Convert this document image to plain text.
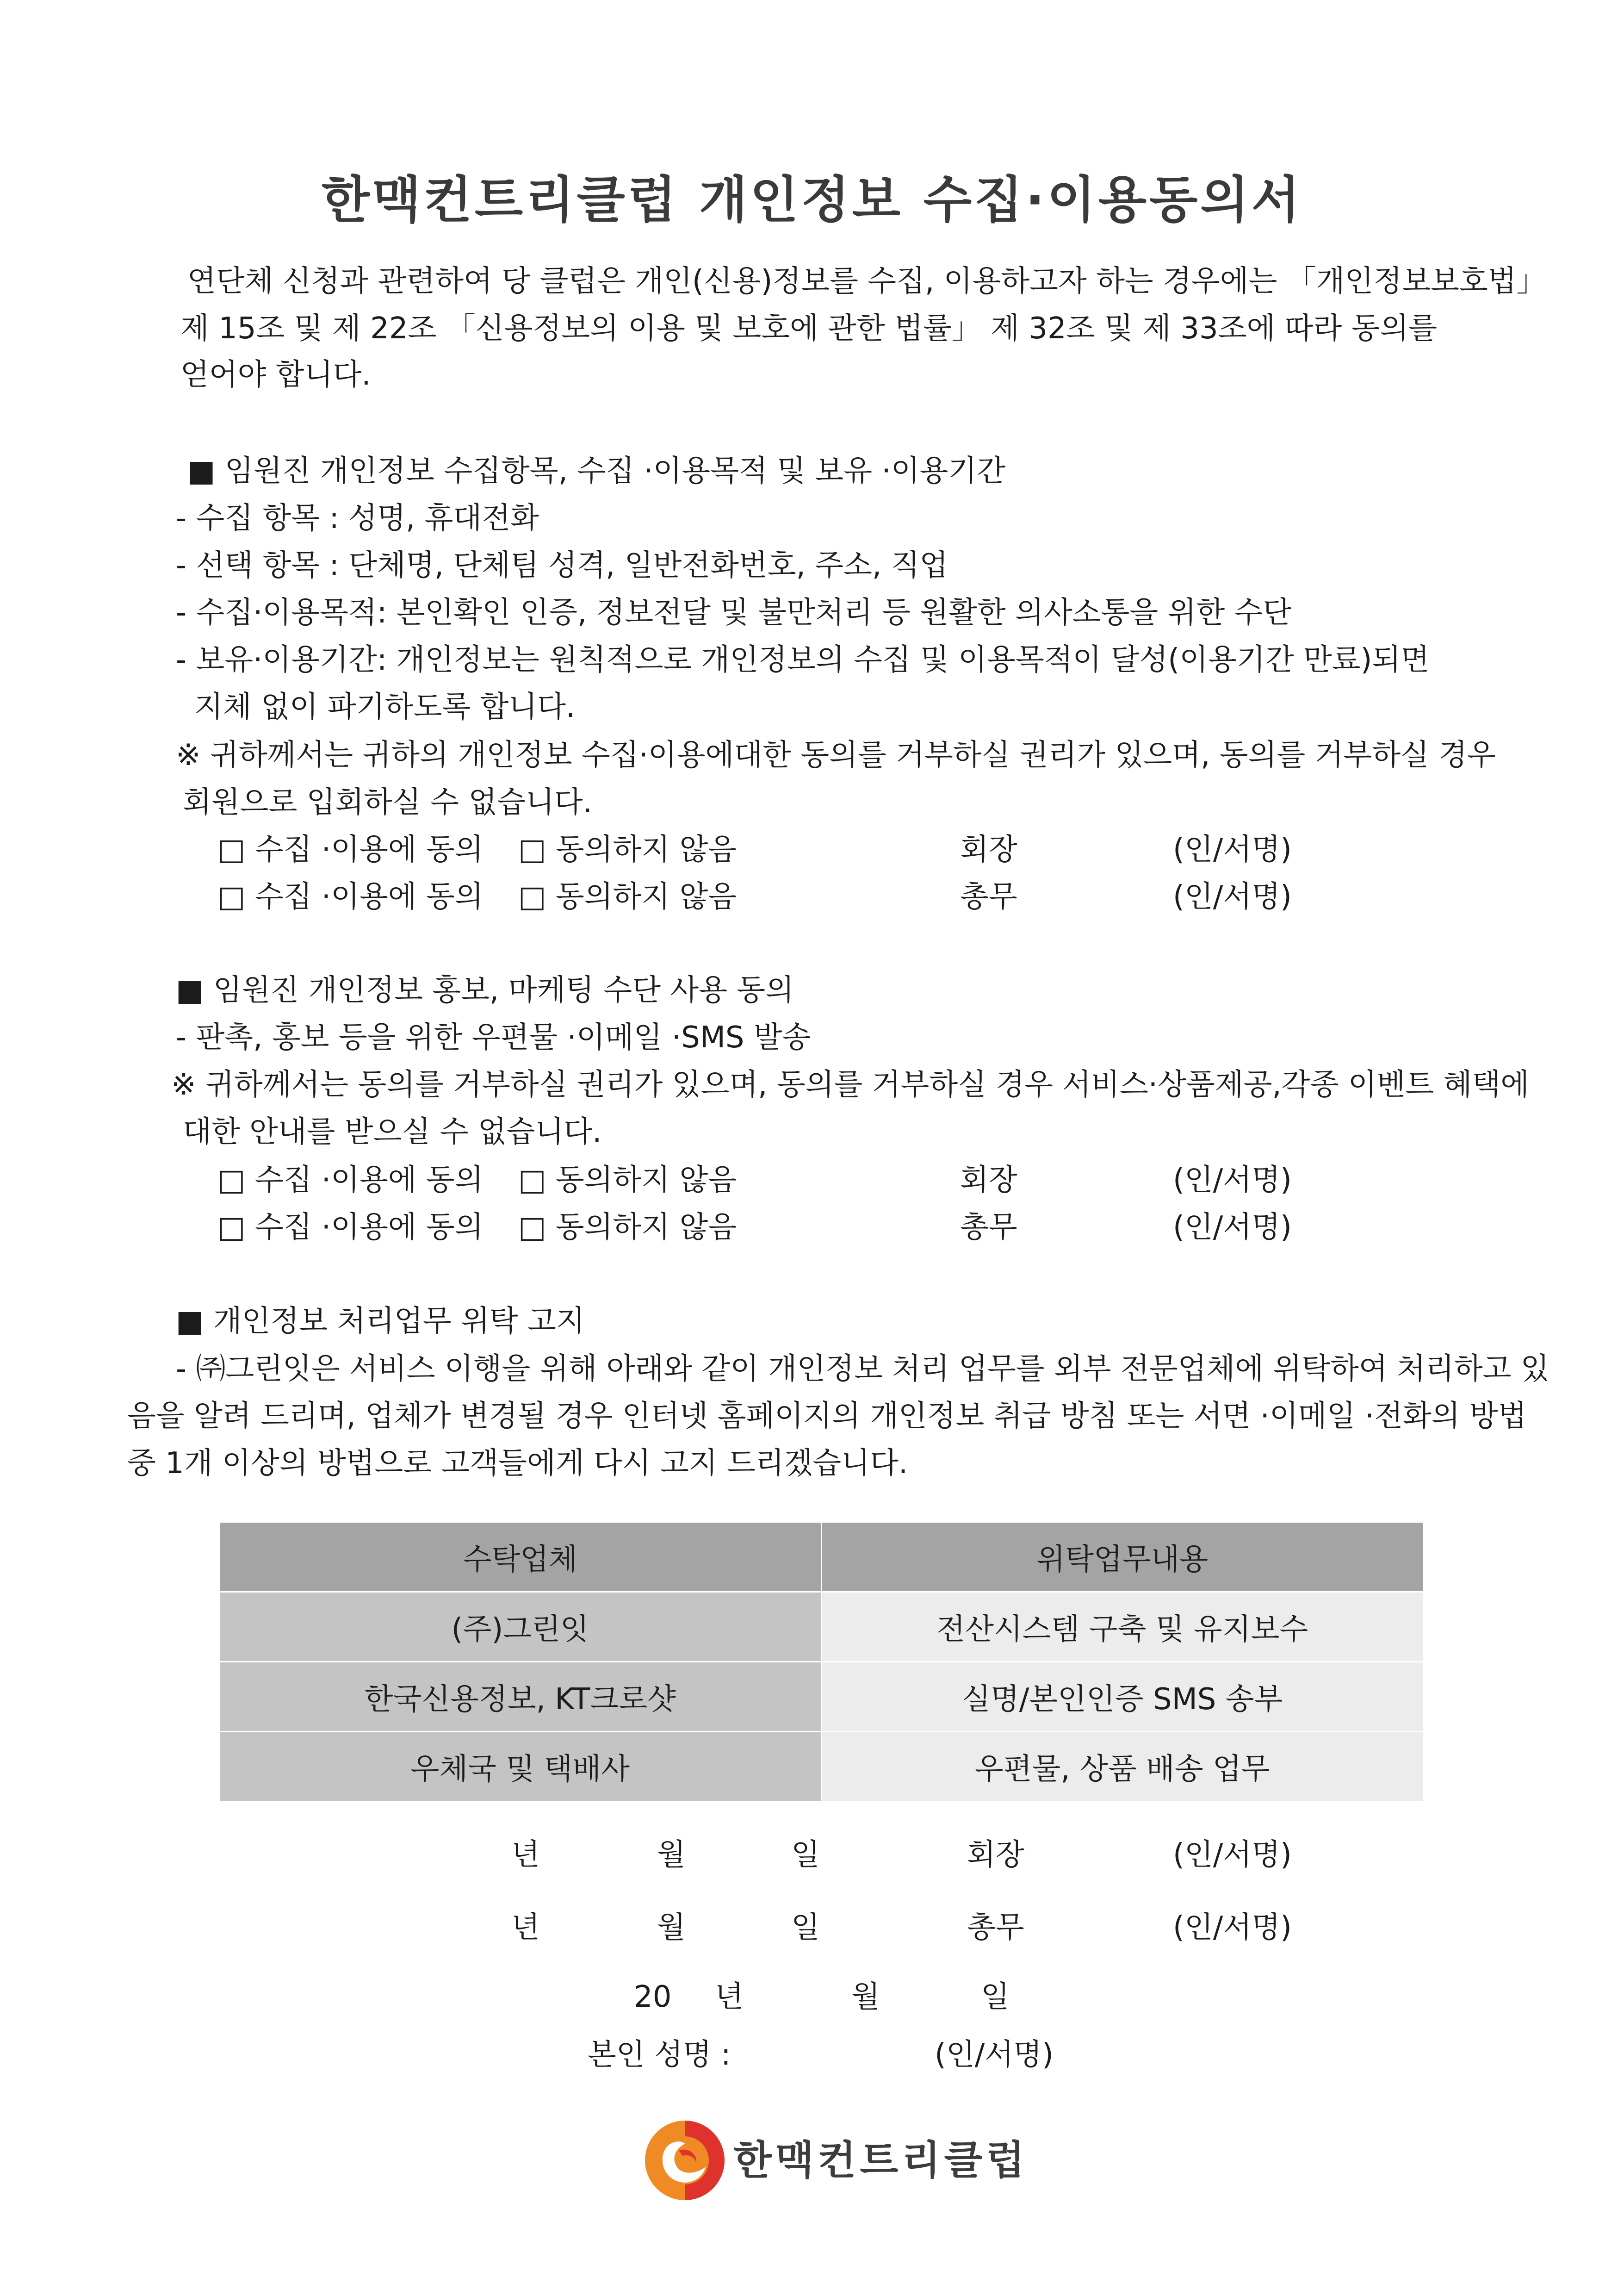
한맥컨트리클럽 개인정보 수집·이용동의서
연단체 신청과 관련하여 당 클럽은 개인(신용)정보를 수집, 이용하고자 하는 경우에는 「개인정보보호법」
제 15조 및 제 22조 「신용정보의 이용 및 보호에 관한 법률」 제 32조 및 제 33조에 따라 동의를
얻어야 합니다.
■ 임원진 개인정보 수집항목, 수집 ·이용목적 및 보유 ·이용기간
- 수집 항목 : 성명, 휴대전화
- 선택 항목 : 단체명, 단체팀 성격, 일반전화번호, 주소, 직업
- 수집·이용목적: 본인확인 인증, 정보전달 및 불만처리 등 원활한 의사소통을 위한 수단
- 보유·이용기간: 개인정보는 원칙적으로 개인정보의 수집 및 이용목적이 달성(이용기간 만료)되면
지체 없이 파기하도록 합니다.
※ 귀하께서는 귀하의 개인정보 수집·이용에대한 동의를 거부하실 권리가 있으며, 동의를 거부하실 경우
회원으로 입회하실 수 없습니다.
□ 수집 ·이용에 동의 □ 동의하지 않음	회장	(인/서명)
□ 수집 ·이용에 동의 □ 동의하지 않음	총무	(인/서명)
■ 임원진 개인정보 홍보, 마케팅 수단 사용 동의
- 판촉, 홍보 등을 위한 우편물 ·이메일 ·SMS 발송
※ 귀하께서는 동의를 거부하실 권리가 있으며, 동의를 거부하실 경우 서비스·상품제공,각종 이벤트 혜택에
대한 안내를 받으실 수 없습니다.
□ 수집 ·이용에 동의 □ 동의하지 않음	회장	(인/서명)
□ 수집 ·이용에 동의 □ 동의하지 않음	총무	(인/서명)
■ 개인정보 처리업무 위탁 고지
- ㈜그린잇은 서비스 이행을 위해 아래와 같이 개인정보 처리 업무를 외부 전문업체에 위탁하여 처리하고 있
음을 알려 드리며, 업체가 변경될 경우 인터넷 홈페이지의 개인정보 취급 방침 또는 서면 ·이메일 ·전화의 방법
중 1개 이상의 방법으로 고객들에게 다시 고지 드리겠습니다.
수탁업체	위탁업무내용
(주)그린잇	전산시스템 구축 및 유지보수
한국신용정보, KT크로샷	실명/본인인증 SMS 송부
우체국 및 택배사	우편물, 상품 배송 업무
년	월	일	회장	(인/서명)
년	월	일	총무	(인/서명)
20 년	월	일
본인 성명 :	(인/서명)
한맥컨트리클럽
